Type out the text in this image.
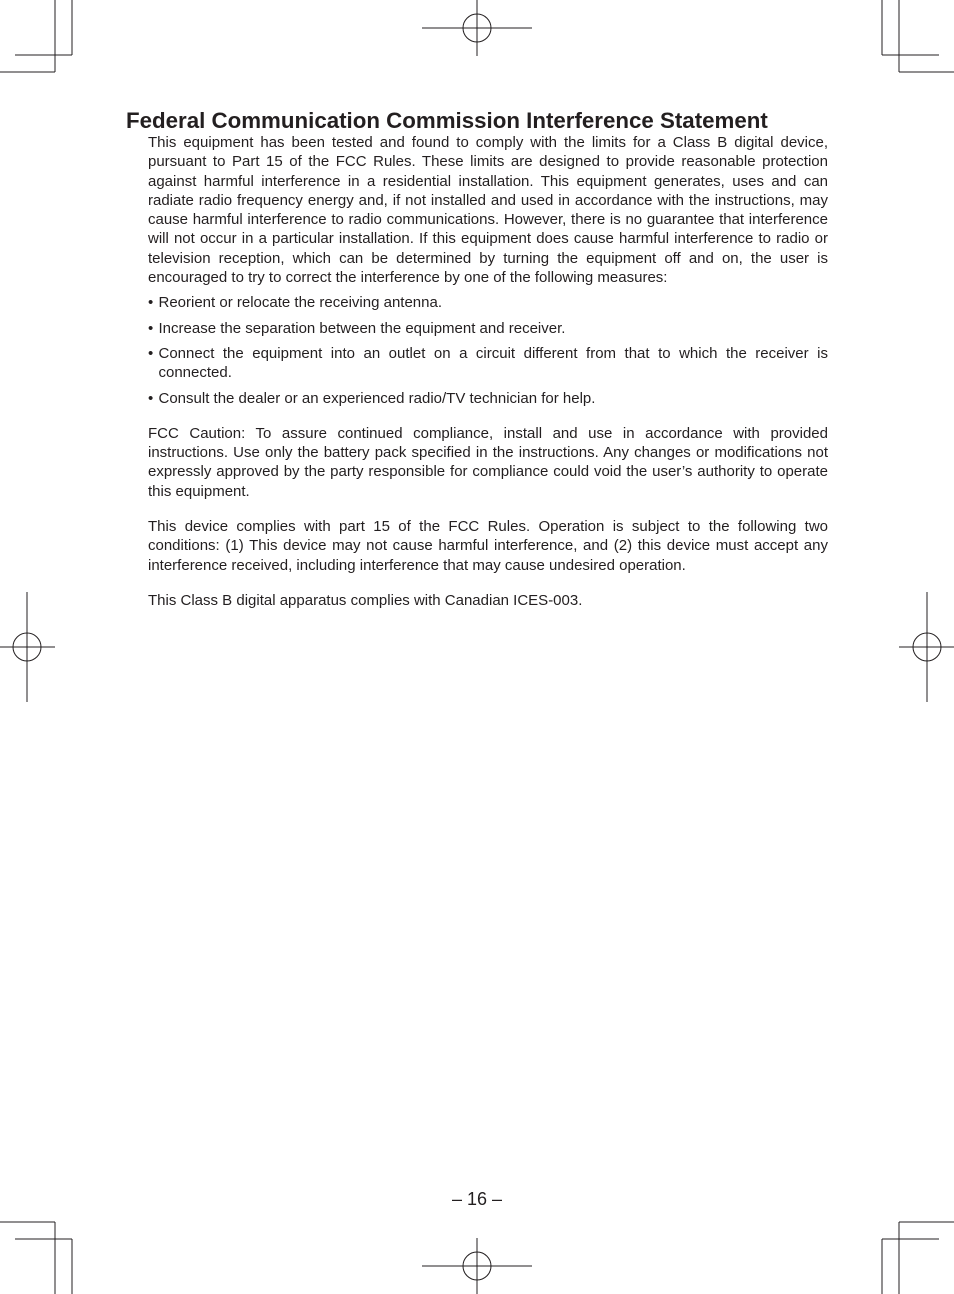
Federal Communication Commission Interference Statement

This equipment has been tested and found to comply with the limits for a Class B digital device, pursuant to Part 15 of the FCC Rules. These limits are designed to provide reasonable protection against harmful interference in a residential installation. This equipment generates, uses and can radiate radio frequency energy and, if not installed and used in accordance with the instructions, may cause harmful interference to radio communications. However, there is no guarantee that interference will not occur in a particular installation. If this equipment does cause harmful interference to radio or television reception, which can be determined by turning the equipment off and on, the user is encouraged to try to correct the interference by one of the following measures:

• Reorient or relocate the receiving antenna.
• Increase the separation between the equipment and receiver.
• Connect the equipment into an outlet on a circuit different from that to which the receiver is connected.
• Consult the dealer or an experienced radio/TV technician for help.

FCC Caution: To assure continued compliance, install and use in accordance with provided instructions. Use only the battery pack specified in the instructions. Any changes or modifications not expressly approved by the party responsible for compliance could void the user’s authority to operate this equipment.

This device complies with part 15 of the FCC Rules. Operation is subject to the following two conditions: (1) This device may not cause harmful interference, and (2) this device must accept any interference received, including interference that may cause undesired operation.

This Class B digital apparatus complies with Canadian ICES-003.

– 16 –
